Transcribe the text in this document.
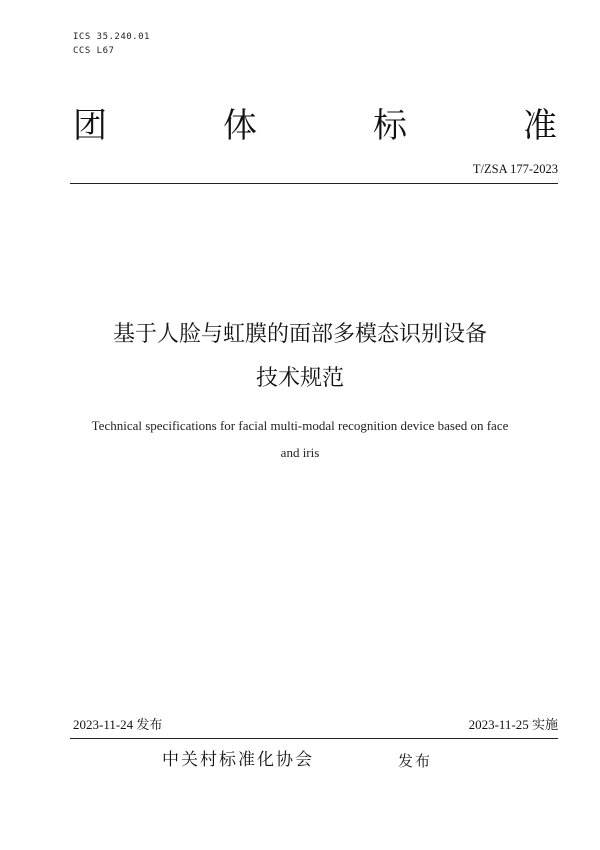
ICS 35.240.01
CCS L67
团	体	标	准
T/ZSA 177-2023
基于人脸与虹膜的面部多模态识别设备
技术规范
Technical specifications for facial multi-modal recognition device based on face
and iris
2023-11-24 发布	2023-11-25 实施
中关村标准化协会	发布
